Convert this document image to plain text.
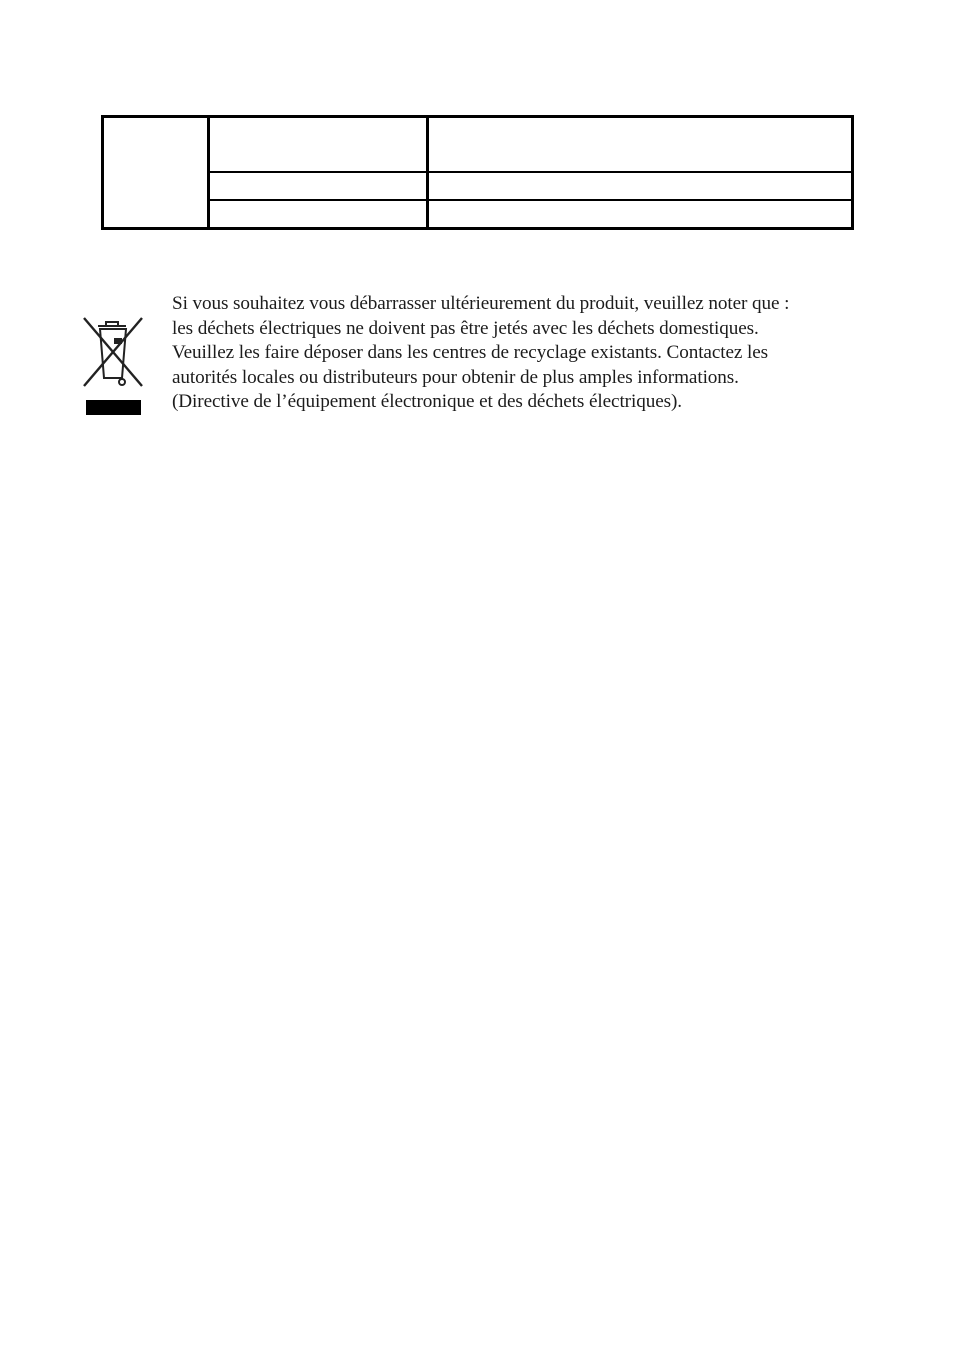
Si vous souhaitez vous débarrasser ultérieurement du produit, veuillez noter que :
les déchets électriques ne doivent pas être jetés avec les déchets domestiques.
Veuillez les faire déposer dans les centres de recyclage existants. Contactez les
autorités locales ou distributeurs pour obtenir de plus amples informations.
(Directive de l’équipement électronique et des déchets électriques).
